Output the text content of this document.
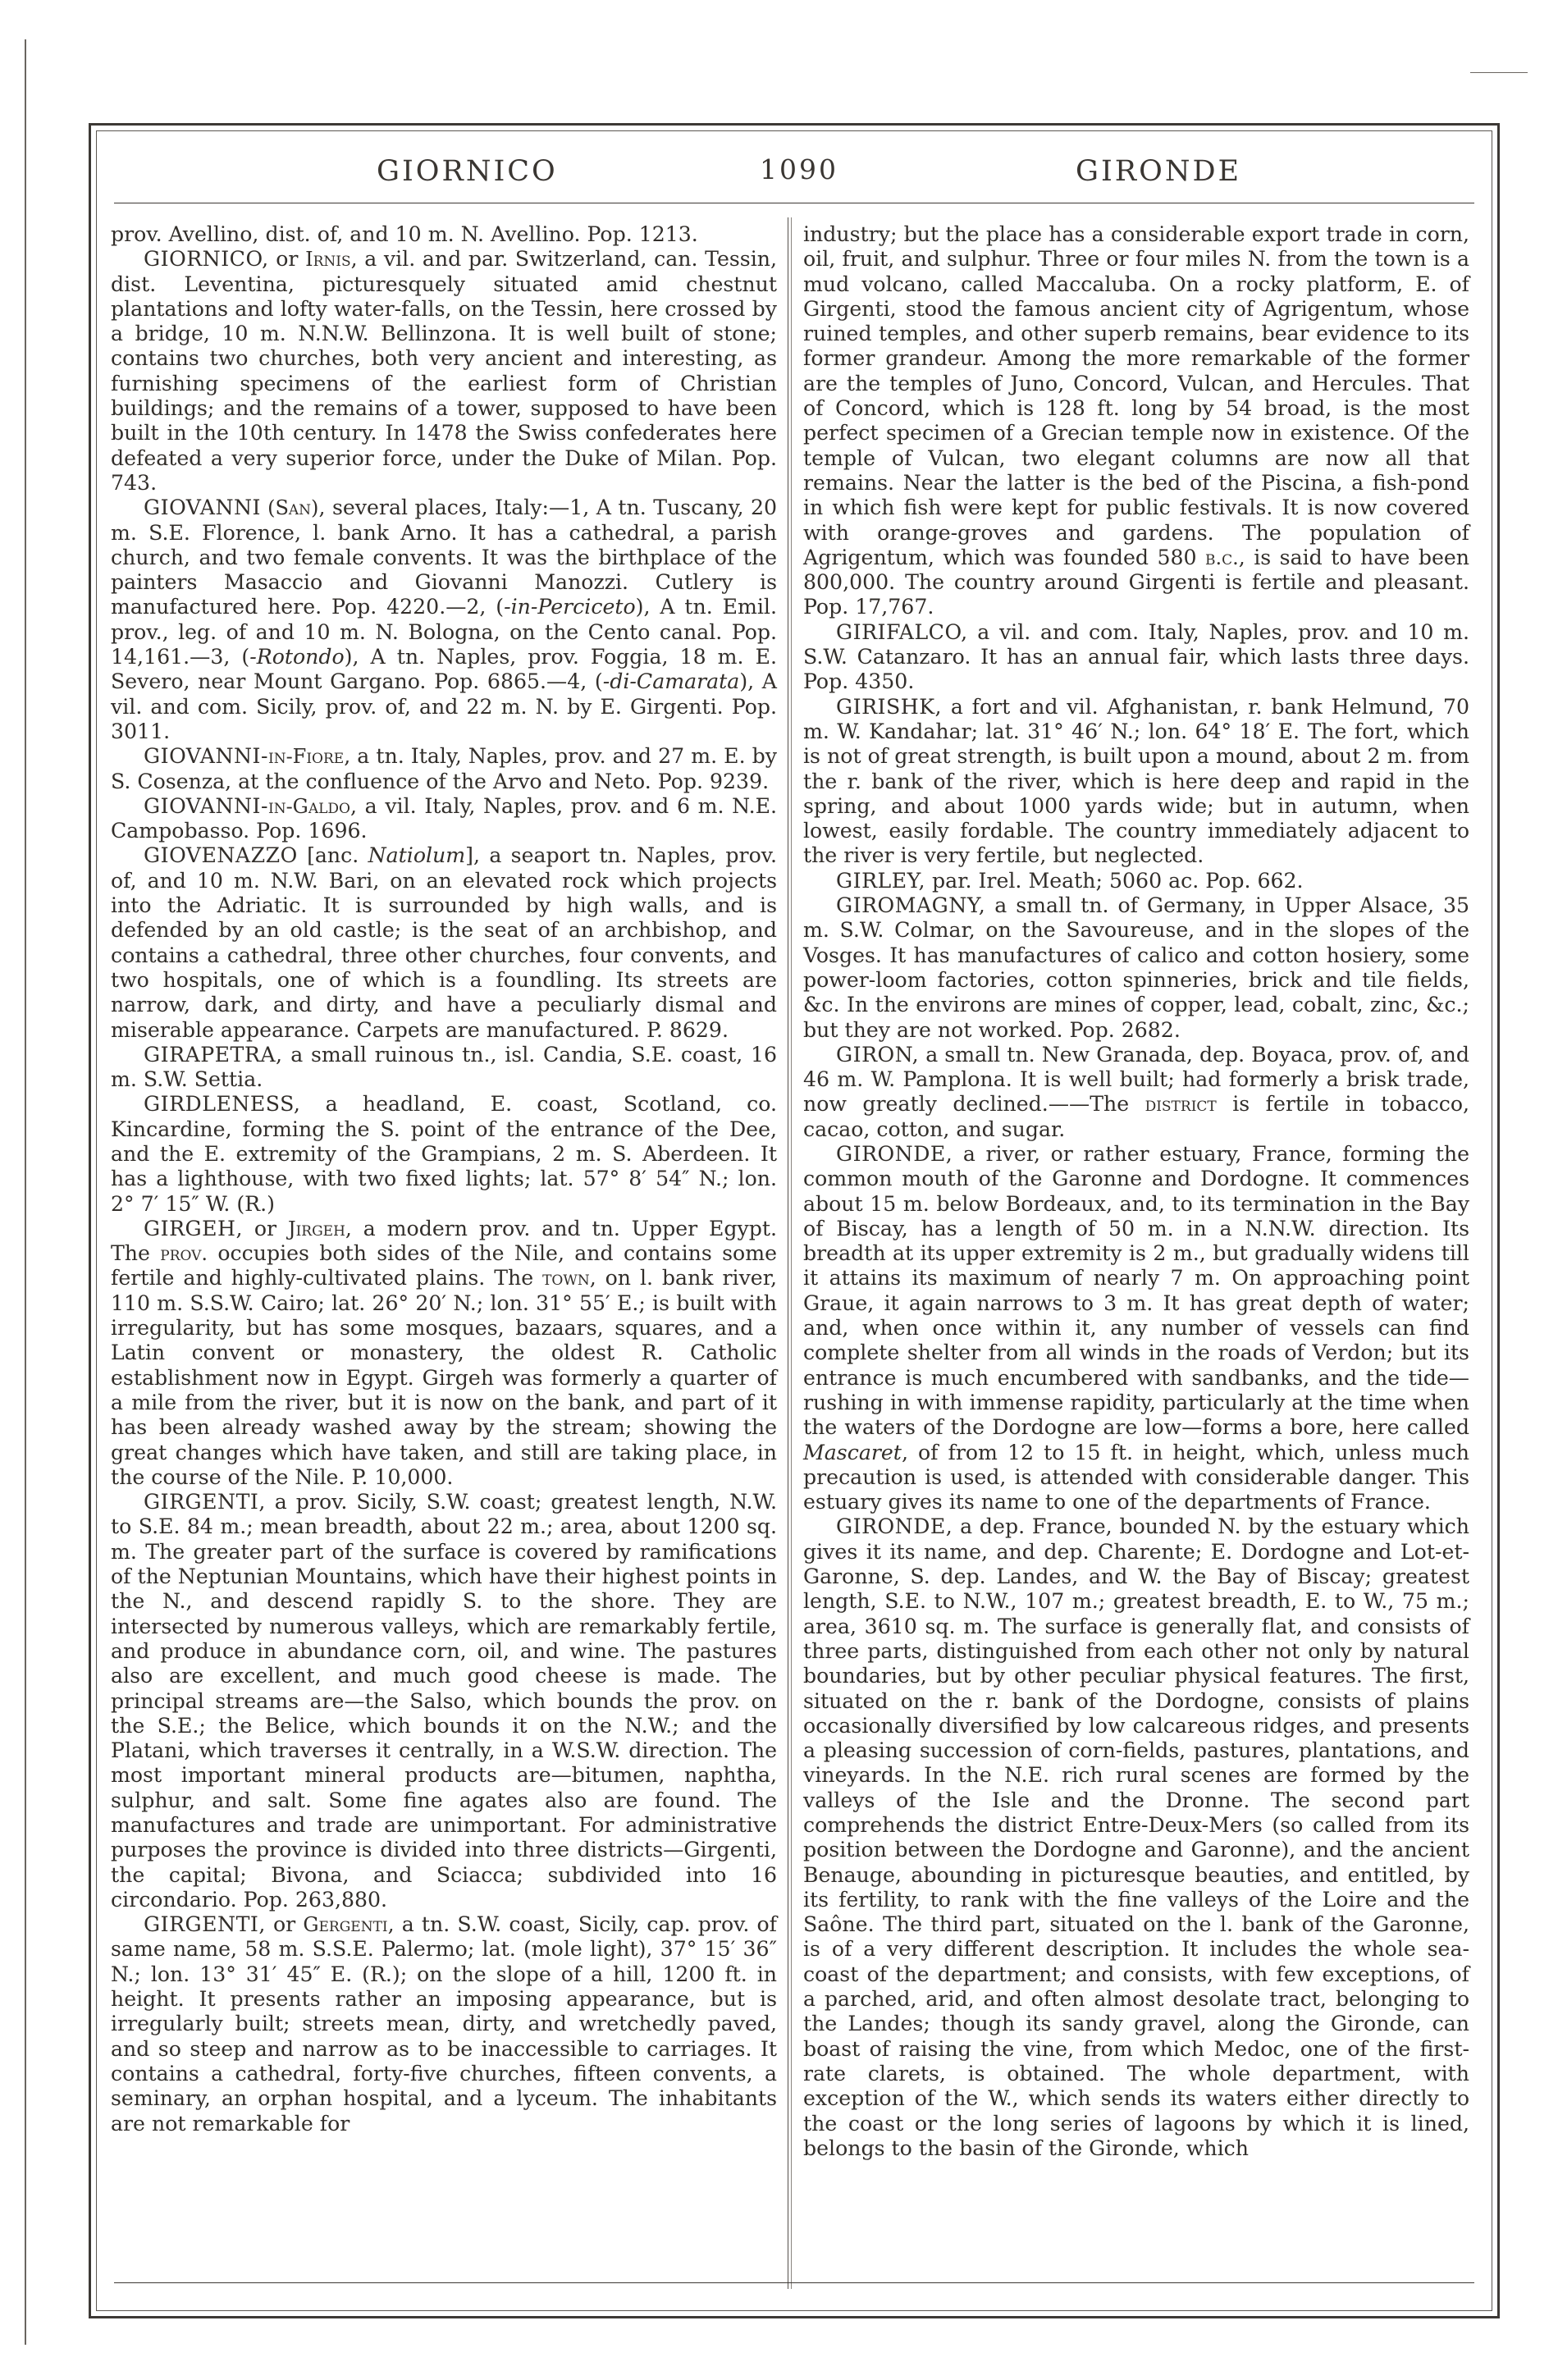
GIORNICO	1090	GIRONDE

prov. Avellino, dist. of, and 10 m. N. Avellino. Pop. 1213.

GIORNICO, or Irnis, a vil. and par. Switzerland, can. Tessin, dist. Leventina, picturesquely situated amid chestnut plantations and lofty water-falls, on the Tessin, here crossed by a bridge, 10 m. N.N.W. Bellinzona. It is well built of stone; contains two churches, both very ancient and interesting, as furnishing specimens of the earliest form of Christian buildings; and the remains of a tower, supposed to have been built in the 10th century. In 1478 the Swiss confederates here defeated a very superior force, under the Duke of Milan. Pop. 743.

GIOVANNI (San), several places, Italy:—1, A tn. Tuscany, 20 m. S.E. Florence, l. bank Arno. It has a cathedral, a parish church, and two female convents. It was the birthplace of the painters Masaccio and Giovanni Manozzi. Cutlery is manufactured here. Pop. 4220.—2, (-in-Perciceto), A tn. Emil. prov., leg. of and 10 m. N. Bologna, on the Cento canal. Pop. 14,161.—3, (-Rotondo), A tn. Naples, prov. Foggia, 18 m. E. Severo, near Mount Gargano. Pop. 6865.—4, (-di-Camarata), A vil. and com. Sicily, prov. of, and 22 m. N. by E. Girgenti. Pop. 3011.

GIOVANNI-in-Fiore, a tn. Italy, Naples, prov. and 27 m. E. by S. Cosenza, at the confluence of the Arvo and Neto. Pop. 9239.

GIOVANNI-in-Galdo, a vil. Italy, Naples, prov. and 6 m. N.E. Campobasso. Pop. 1696.

GIOVENAZZO [anc. Natiolum], a seaport tn. Naples, prov. of, and 10 m. N.W. Bari, on an elevated rock which projects into the Adriatic. It is surrounded by high walls, and is defended by an old castle; is the seat of an archbishop, and contains a cathedral, three other churches, four convents, and two hospitals, one of which is a foundling. Its streets are narrow, dark, and dirty, and have a peculiarly dismal and miserable appearance. Carpets are manufactured. P. 8629.

GIRAPETRA, a small ruinous tn., isl. Candia, S.E. coast, 16 m. S.W. Settia.

GIRDLENESS, a headland, E. coast, Scotland, co. Kincardine, forming the S. point of the entrance of the Dee, and the E. extremity of the Grampians, 2 m. S. Aberdeen. It has a lighthouse, with two fixed lights; lat. 57° 8′ 54″ N.; lon. 2° 7′ 15″ W. (R.)

GIRGEH, or Jirgeh, a modern prov. and tn. Upper Egypt. The prov. occupies both sides of the Nile, and contains some fertile and highly-cultivated plains. The town, on l. bank river, 110 m. S.S.W. Cairo; lat. 26° 20′ N.; lon. 31° 55′ E.; is built with irregularity, but has some mosques, bazaars, squares, and a Latin convent or monastery, the oldest R. Catholic establishment now in Egypt. Girgeh was formerly a quarter of a mile from the river, but it is now on the bank, and part of it has been already washed away by the stream; showing the great changes which have taken, and still are taking place, in the course of the Nile. P. 10,000.

GIRGENTI, a prov. Sicily, S.W. coast; greatest length, N.W. to S.E. 84 m.; mean breadth, about 22 m.; area, about 1200 sq. m. The greater part of the surface is covered by ramifications of the Neptunian Mountains, which have their highest points in the N., and descend rapidly S. to the shore. They are intersected by numerous valleys, which are remarkably fertile, and produce in abundance corn, oil, and wine. The pastures also are excellent, and much good cheese is made. The principal streams are—the Salso, which bounds the prov. on the S.E.; the Belice, which bounds it on the N.W.; and the Platani, which traverses it centrally, in a W.S.W. direction. The most important mineral products are—bitumen, naphtha, sulphur, and salt. Some fine agates also are found. The manufactures and trade are unimportant. For administrative purposes the province is divided into three districts—Girgenti, the capital; Bivona, and Sciacca; subdivided into 16 circondario. Pop. 263,880.

GIRGENTI, or Gergenti, a tn. S.W. coast, Sicily, cap. prov. of same name, 58 m. S.S.E. Palermo; lat. (mole light), 37° 15′ 36″ N.; lon. 13° 31′ 45″ E. (R.); on the slope of a hill, 1200 ft. in height. It presents rather an imposing appearance, but is irregularly built; streets mean, dirty, and wretchedly paved, and so steep and narrow as to be inaccessible to carriages. It contains a cathedral, forty-five churches, fifteen convents, a seminary, an orphan hospital, and a lyceum. The inhabitants are not remarkable for

industry; but the place has a considerable export trade in corn, oil, fruit, and sulphur. Three or four miles N. from the town is a mud volcano, called Maccaluba. On a rocky platform, E. of Girgenti, stood the famous ancient city of Agrigentum, whose ruined temples, and other superb remains, bear evidence to its former grandeur. Among the more remarkable of the former are the temples of Juno, Concord, Vulcan, and Hercules. That of Concord, which is 128 ft. long by 54 broad, is the most perfect specimen of a Grecian temple now in existence. Of the temple of Vulcan, two elegant columns are now all that remains. Near the latter is the bed of the Piscina, a fish-pond in which fish were kept for public festivals. It is now covered with orange-groves and gardens. The population of Agrigentum, which was founded 580 b.c., is said to have been 800,000. The country around Girgenti is fertile and pleasant. Pop. 17,767.

GIRIFALCO, a vil. and com. Italy, Naples, prov. and 10 m. S.W. Catanzaro. It has an annual fair, which lasts three days. Pop. 4350.

GIRISHK, a fort and vil. Afghanistan, r. bank Helmund, 70 m. W. Kandahar; lat. 31° 46′ N.; lon. 64° 18′ E. The fort, which is not of great strength, is built upon a mound, about 2 m. from the r. bank of the river, which is here deep and rapid in the spring, and about 1000 yards wide; but in autumn, when lowest, easily fordable. The country immediately adjacent to the river is very fertile, but neglected.

GIRLEY, par. Irel. Meath; 5060 ac. Pop. 662.

GIROMAGNY, a small tn. of Germany, in Upper Alsace, 35 m. S.W. Colmar, on the Savoureuse, and in the slopes of the Vosges. It has manufactures of calico and cotton hosiery, some power-loom factories, cotton spinneries, brick and tile fields, &c. In the environs are mines of copper, lead, cobalt, zinc, &c.; but they are not worked. Pop. 2682.

GIRON, a small tn. New Granada, dep. Boyaca, prov. of, and 46 m. W. Pamplona. It is well built; had formerly a brisk trade, now greatly declined.——The district is fertile in tobacco, cacao, cotton, and sugar.

GIRONDE, a river, or rather estuary, France, forming the common mouth of the Garonne and Dordogne. It commences about 15 m. below Bordeaux, and, to its termination in the Bay of Biscay, has a length of 50 m. in a N.N.W. direction. Its breadth at its upper extremity is 2 m., but gradually widens till it attains its maximum of nearly 7 m. On approaching point Graue, it again narrows to 3 m. It has great depth of water; and, when once within it, any number of vessels can find complete shelter from all winds in the roads of Verdon; but its entrance is much encumbered with sandbanks, and the tide—rushing in with immense rapidity, particularly at the time when the waters of the Dordogne are low—forms a bore, here called Mascaret, of from 12 to 15 ft. in height, which, unless much precaution is used, is attended with considerable danger. This estuary gives its name to one of the departments of France.

GIRONDE, a dep. France, bounded N. by the estuary which gives it its name, and dep. Charente; E. Dordogne and Lot-et-Garonne, S. dep. Landes, and W. the Bay of Biscay; greatest length, S.E. to N.W., 107 m.; greatest breadth, E. to W., 75 m.; area, 3610 sq. m. The surface is generally flat, and consists of three parts, distinguished from each other not only by natural boundaries, but by other peculiar physical features. The first, situated on the r. bank of the Dordogne, consists of plains occasionally diversified by low calcareous ridges, and presents a pleasing succession of corn-fields, pastures, plantations, and vineyards. In the N.E. rich rural scenes are formed by the valleys of the Isle and the Dronne. The second part comprehends the district Entre-Deux-Mers (so called from its position between the Dordogne and Garonne), and the ancient Benauge, abounding in picturesque beauties, and entitled, by its fertility, to rank with the fine valleys of the Loire and the Saône. The third part, situated on the l. bank of the Garonne, is of a very different description. It includes the whole sea-coast of the department; and consists, with few exceptions, of a parched, arid, and often almost desolate tract, belonging to the Landes; though its sandy gravel, along the Gironde, can boast of raising the vine, from which Medoc, one of the first-rate clarets, is obtained. The whole department, with exception of the W., which sends its waters either directly to the coast or the long series of lagoons by which it is lined, belongs to the basin of the Gironde, which
